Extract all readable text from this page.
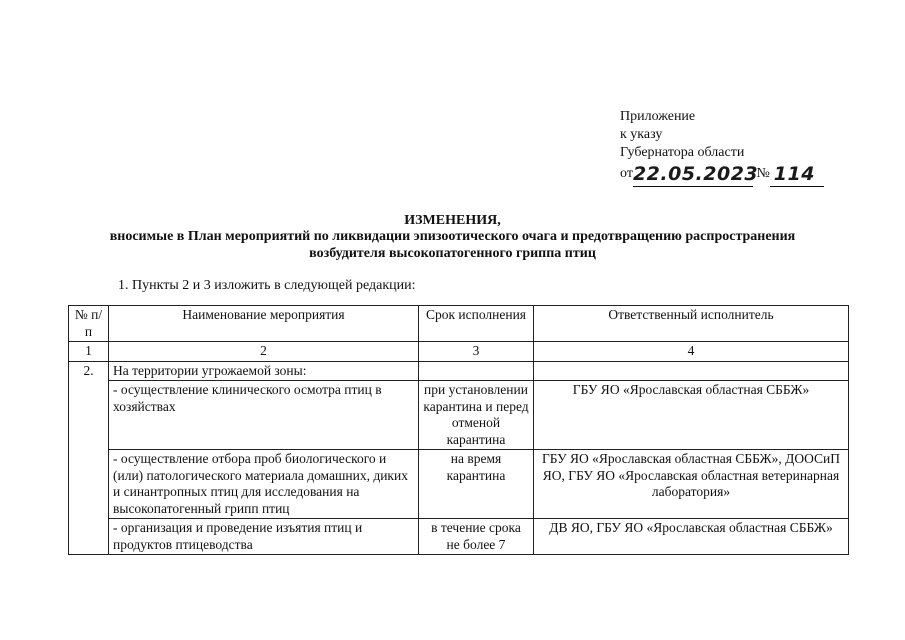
Приложение
к указу
Губернатора области
от22.05.2023 № 114
ИЗМЕНЕНИЯ,
вносимые в План мероприятий по ликвидации эпизоотического очага и предотвращению распространения
возбудителя высокопатогенного гриппа птиц
1. Пункты 2 и 3 изложить в следующей редакции:
№ п/п	Наименование мероприятия	Срок исполнения	Ответственный исполнитель
1	2	3	4
2.	На территории угрожаемой зоны:		
	- осуществление клинического осмотра птиц в хозяйствах	при установлении карантина и перед отменой карантина	ГБУ ЯО «Ярославская областная СББЖ»
	- осуществление отбора проб биологического и (или) патологического материала домашних, диких и синантропных птиц для исследования на высокопатогенный грипп птиц	на время карантина	ГБУ ЯО «Ярославская областная СББЖ», ДООСиП ЯО, ГБУ ЯО «Ярославская областная ветеринарная лаборатория»
	- организация и проведение изъятия птиц и продуктов птицеводства	в течение срока не более 7	ДВ ЯО, ГБУ ЯО «Ярославская областная СББЖ»
